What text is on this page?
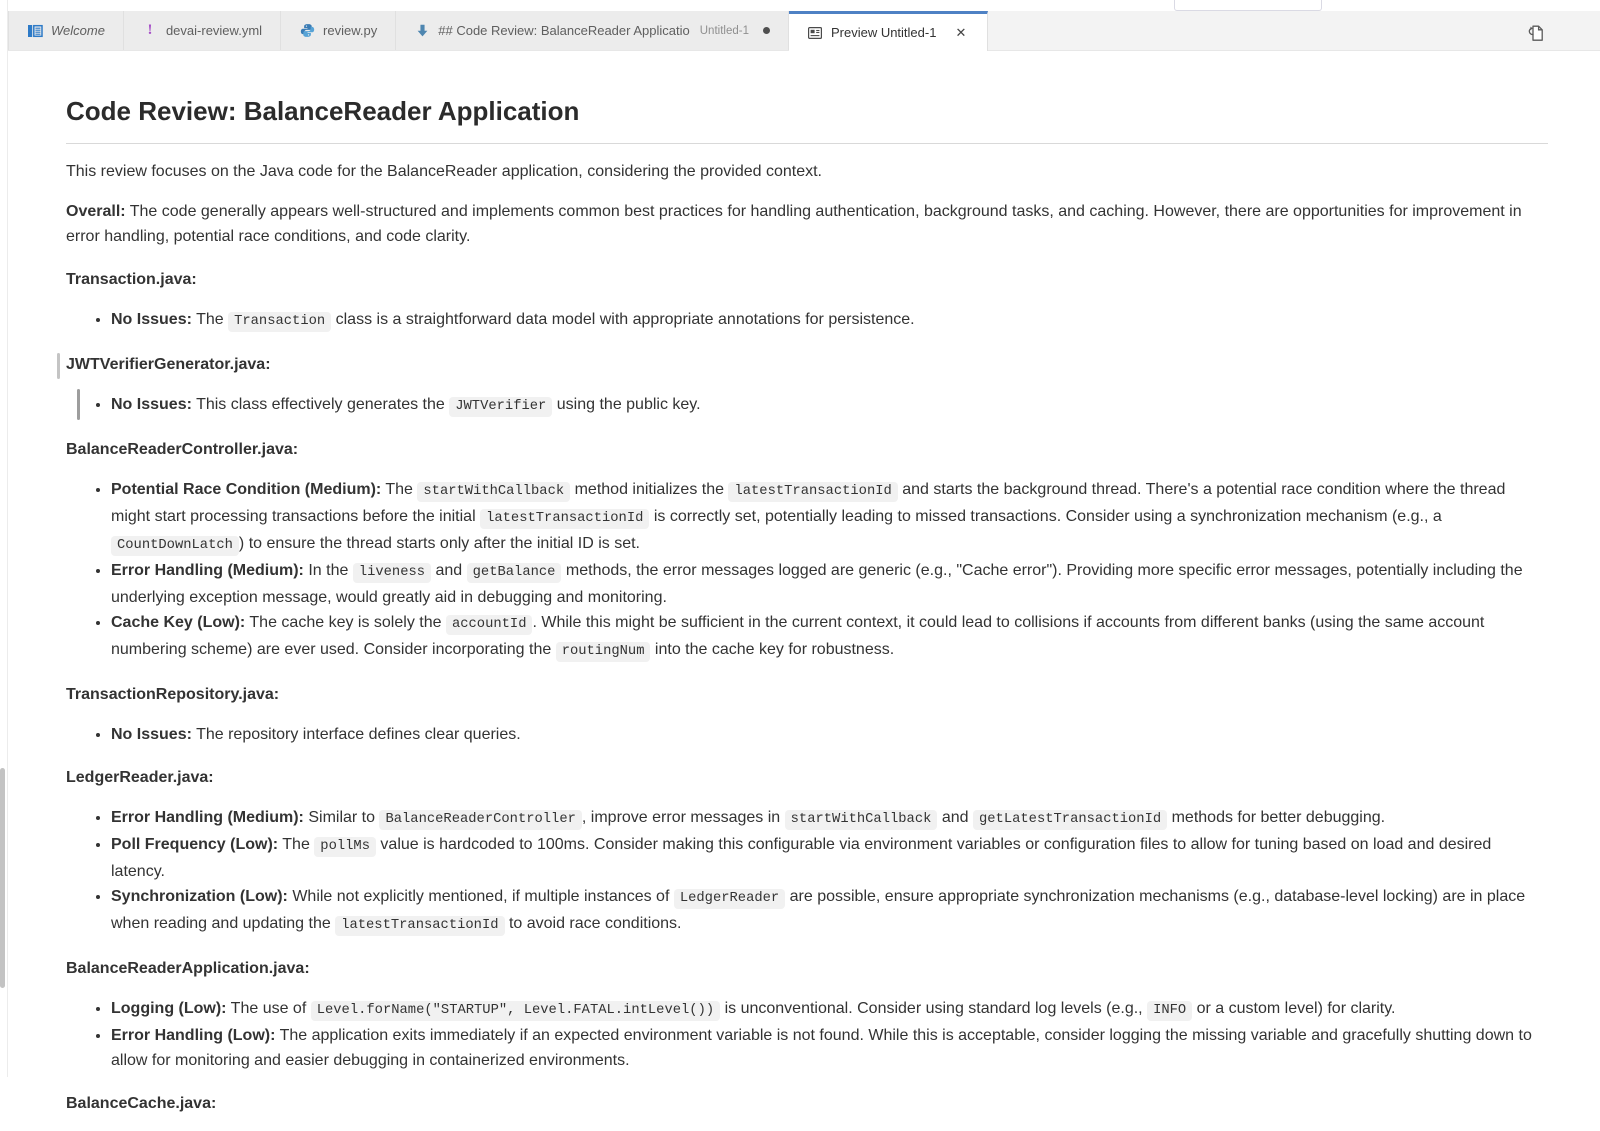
Welcome	! devai-review.yml	review.py	## Code Review: BalanceReader Applicatio Untitled-1	Preview Untitled-1 ✕
Code Review: BalanceReader Application

This review focuses on the Java code for the BalanceReader application, considering the provided context.

Overall: The code generally appears well-structured and implements common best practices for handling authentication, background tasks, and caching. However, there are opportunities for improvement in error handling, potential race conditions, and code clarity.

Transaction.java:
• No Issues: The Transaction class is a straightforward data model with appropriate annotations for persistence.
JWTVerifierGenerator.java:
• No Issues: This class effectively generates the JWTVerifier using the public key.
BalanceReaderController.java:
• Potential Race Condition (Medium): The startWithCallback method initializes the latestTransactionId and starts the background thread. There's a potential race condition where the thread might start processing transactions before the initial latestTransactionId is correctly set, potentially leading to missed transactions. Consider using a synchronization mechanism (e.g., a CountDownLatch ) to ensure the thread starts only after the initial ID is set.
• Error Handling (Medium): In the liveness and getBalance methods, the error messages logged are generic (e.g., "Cache error"). Providing more specific error messages, potentially including the underlying exception message, would greatly aid in debugging and monitoring.
• Cache Key (Low): The cache key is solely the accountId . While this might be sufficient in the current context, it could lead to collisions if accounts from different banks (using the same account numbering scheme) are ever used. Consider incorporating the routingNum into the cache key for robustness.
TransactionRepository.java:
• No Issues: The repository interface defines clear queries.
LedgerReader.java:
• Error Handling (Medium): Similar to BalanceReaderController , improve error messages in startWithCallback and getLatestTransactionId methods for better debugging.
• Poll Frequency (Low): The pollMs value is hardcoded to 100ms. Consider making this configurable via environment variables or configuration files to allow for tuning based on load and desired latency.
• Synchronization (Low): While not explicitly mentioned, if multiple instances of LedgerReader are possible, ensure appropriate synchronization mechanisms (e.g., database-level locking) are in place when reading and updating the latestTransactionId to avoid race conditions.
BalanceReaderApplication.java:
• Logging (Low): The use of Level.forName("STARTUP", Level.FATAL.intLevel()) is unconventional. Consider using standard log levels (e.g., INFO or a custom level) for clarity.
• Error Handling (Low): The application exits immediately if an expected environment variable is not found. While this is acceptable, consider logging the missing variable and gracefully shutting down to allow for monitoring and easier debugging in containerized environments.
BalanceCache.java:
